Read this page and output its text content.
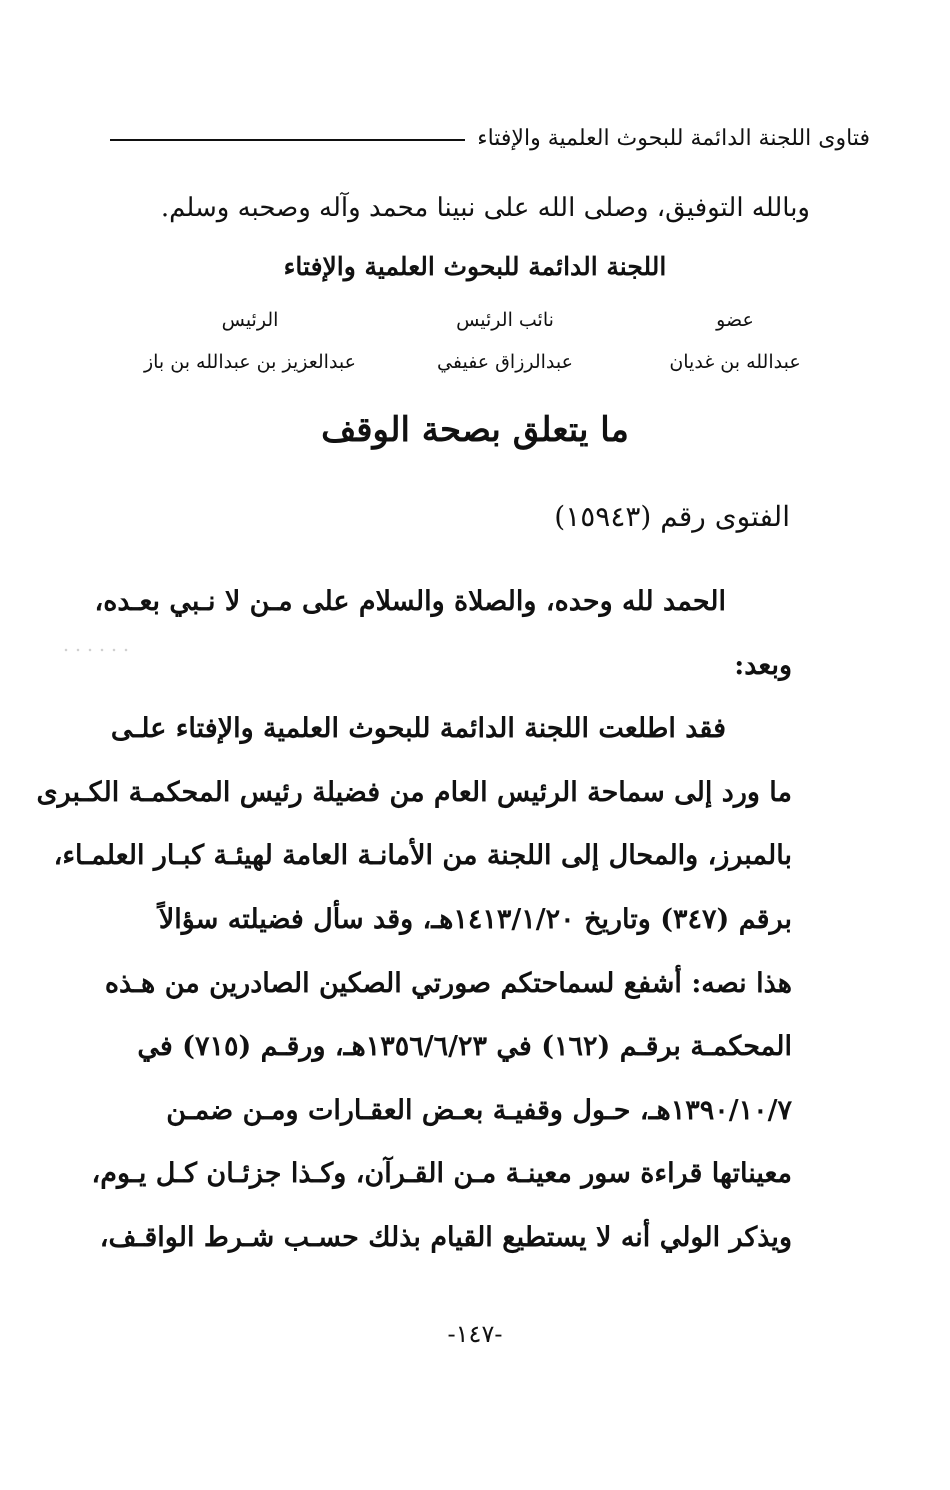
فتاوى اللجنة الدائمة للبحوث العلمية والإفتاء
وبالله التوفيق، وصلى الله على نبينا محمد وآله وصحبه وسلم.
اللجنة الدائمة للبحوث العلمية والإفتاء
عضو
عبدالله بن غديان
نائب الرئيس
عبدالرزاق عفيفي
الرئيس
عبدالعزيز بن عبدالله بن باز
ما يتعلق بصحة الوقف
الفتوى رقم (١٥٩٤٣)
الحمد لله وحده، والصلاة والسلام على مـن لا نـبي بعـده،
وبعد:
فقد اطلعت اللجنة الدائمة للبحوث العلمية والإفتاء علـى
ما ورد إلى سماحة الرئيس العام من فضيلة رئيس المحكمـة الكـبرى
بالمبرز، والمحال إلى اللجنة من الأمانـة العامة لهيئـة كبـار العلمـاء،
برقم (٣٤٧) وتاريخ ١٤١٣/١/٢٠هـ، وقد سأل فضيلته سؤالاً
هذا نصه: أشفع لسماحتكم صورتي الصكين الصادرين من هـذه
المحكمـة برقـم (١٦٢) في ١٣٥٦/٦/٢٣هـ، ورقـم (٧١٥) في
١٣٩٠/١٠/٧هـ، حـول وقفيـة بعـض العقـارات ومـن ضمـن
معيناتها قراءة سور معينـة مـن القـرآن، وكـذا جزئـان كـل يـوم،
ويذكر الولي أنه لا يستطيع القيام بذلك حسـب شـرط الواقـف،
-١٤٧-
